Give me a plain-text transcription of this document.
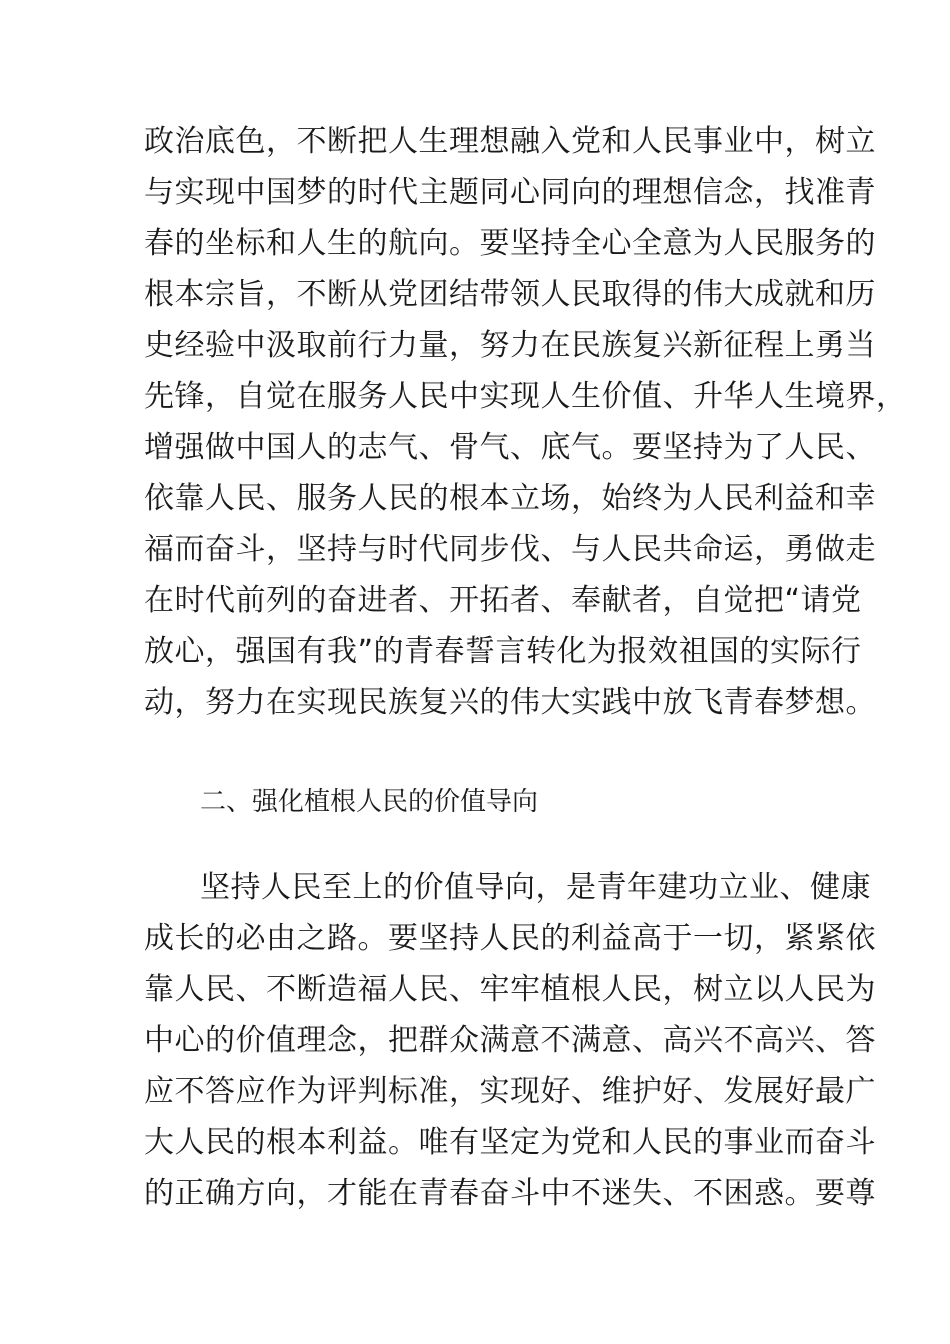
政治底色，不断把人生理想融入党和人民事业中，树立
与实现中国梦的时代主题同心同向的理想信念，找准青
春的坐标和人生的航向。要坚持全心全意为人民服务的
根本宗旨，不断从党团结带领人民取得的伟大成就和历
史经验中汲取前行力量，努力在民族复兴新征程上勇当
先锋，自觉在服务人民中实现人生价值、升华人生境界，
增强做中国人的志气、骨气、底气。要坚持为了人民、
依靠人民、服务人民的根本立场，始终为人民利益和幸
福而奋斗，坚持与时代同步伐、与人民共命运，勇做走
在时代前列的奋进者、开拓者、奉献者，自觉把“请党
放心，强国有我”的青春誓言转化为报效祖国的实际行
动，努力在实现民族复兴的伟大实践中放飞青春梦想。
二、强化植根人民的价值导向
坚持人民至上的价值导向，是青年建功立业、健康
成长的必由之路。要坚持人民的利益高于一切，紧紧依
靠人民、不断造福人民、牢牢植根人民，树立以人民为
中心的价值理念，把群众满意不满意、高兴不高兴、答
应不答应作为评判标准，实现好、维护好、发展好最广
大人民的根本利益。唯有坚定为党和人民的事业而奋斗
的正确方向，才能在青春奋斗中不迷失、不困惑。要尊
